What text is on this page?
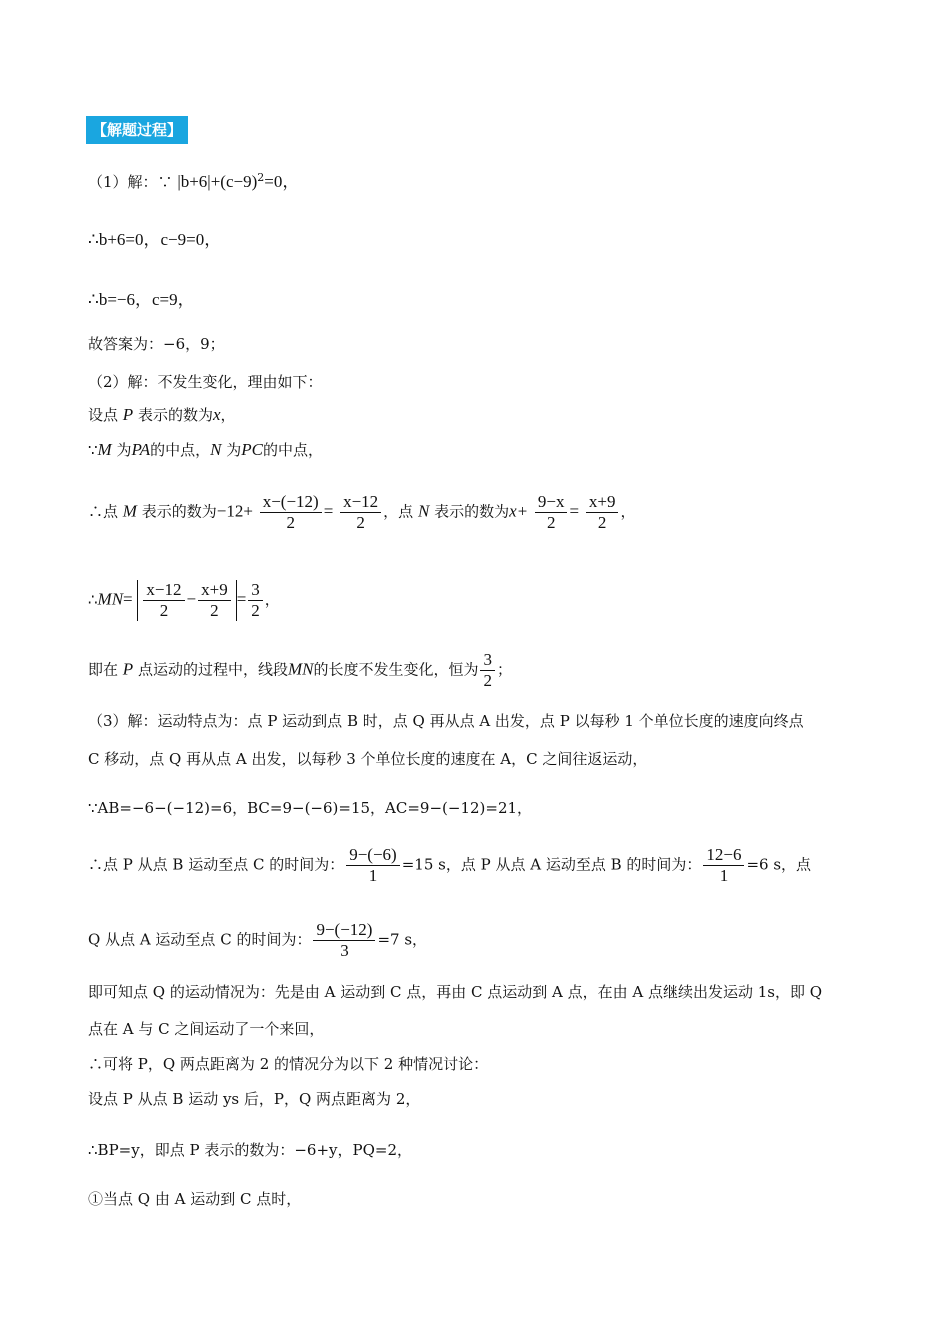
【解题过程】
（1）解：∵ $|b+6|+(c-9)^2=0$，
∴b+6=0，c−9=0，
∴b=−6，c=9，
故答案为：−6，9；
（2）解：不发生变化，理由如下：
设点 P 表示的数为x，
∵M 为PA的中点，N 为PC的中点，
∴点 M 表示的数为$-12+ \frac{x-(-12)}{2} = \frac{x-12}{2}$ ，点 N 表示的数为$x+ \frac{9-x}{2} = \frac{x+9}{2}$ ，
∴MN= $\frac{x-12}{2} - \frac{x+9}{2} = \frac{3}{2}$ ，
即在 P 点运动的过程中，线段MN的长度不发生变化，恒为 $\frac{3}{2}$ ；
（3）解：运动特点为：点 P 运动到点 B 时，点 Q 再从点 A 出发，点 P 以每秒 1 个单位长度的速度向终点
C 移动，点 Q 再从点 A 出发，以每秒 3 个单位长度的速度在 A，C 之间往返运动，
∵AB=−6−(−12)=6，BC=9−(−6)=15，AC=9−(−12)=21，
∴点 P 从点 B 运动至点 C 的时间为： $\frac{9-(-6)}{1} =15$ s，点 P 从点 A 运动至点 B 的时间为： $\frac{12-6}{1} =6$ s，点
Q 从点 A 运动至点 C 的时间为： $\frac{9-(-12)}{3} =7$ s，
即可知点 Q 的运动情况为：先是由 A 运动到 C 点，再由 C 点运动到 A 点，在由 A 点继续出发运动 1s，即 Q
点在 A 与 C 之间运动了一个来回，
∴可将 P，Q 两点距离为 2 的情况分为以下 2 种情况讨论：
设点 P 从点 B 运动 ys 后，P，Q 两点距离为 2，
∴BP=y，即点 P 表示的数为：−6+y，PQ=2，
①当点 Q 由 A 运动到 C 点时，
